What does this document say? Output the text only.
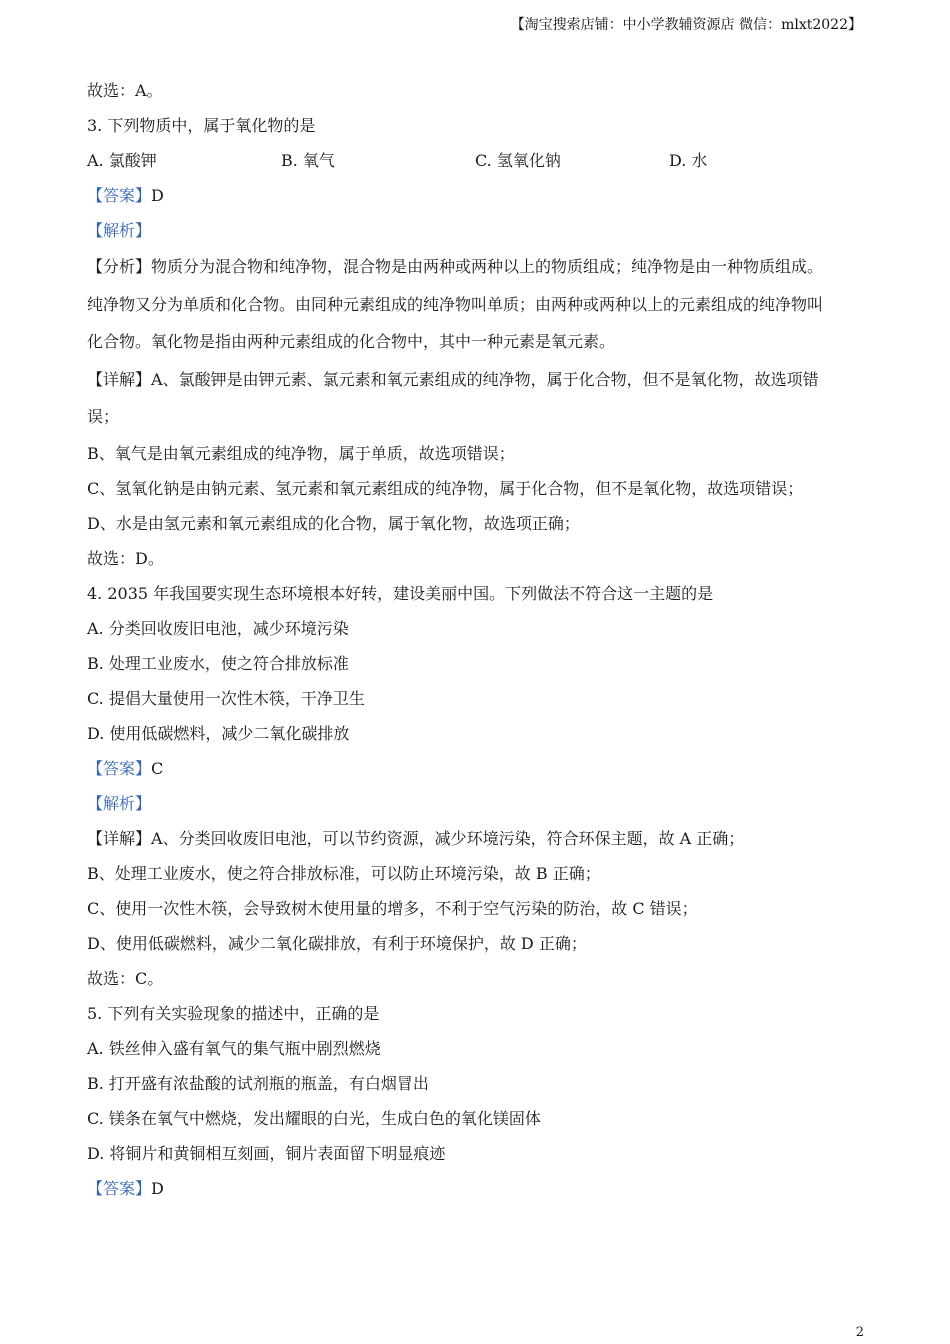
【淘宝搜索店铺：中小学教辅资源店 微信：mlxt2022】
故选：A。
3. 下列物质中，属于氧化物的是
A. 氯酸钾	B. 氧气	C. 氢氧化钠	D. 水
【答案】D
【解析】
【分析】物质分为混合物和纯净物，混合物是由两种或两种以上的物质组成；纯净物是由一种物质组成。
纯净物又分为单质和化合物。由同种元素组成的纯净物叫单质；由两种或两种以上的元素组成的纯净物叫
化合物。氧化物是指由两种元素组成的化合物中，其中一种元素是氧元素。
【详解】A、氯酸钾是由钾元素、氯元素和氧元素组成的纯净物，属于化合物，但不是氧化物，故选项错
误；
B、氧气是由氧元素组成的纯净物，属于单质，故选项错误；
C、氢氧化钠是由钠元素、氢元素和氧元素组成的纯净物，属于化合物，但不是氧化物，故选项错误；
D、水是由氢元素和氧元素组成的化合物，属于氧化物，故选项正确；
故选：D。
4. 2035 年我国要实现生态环境根本好转，建设美丽中国。下列做法不符合这一主题的是
A. 分类回收废旧电池，减少环境污染
B. 处理工业废水，使之符合排放标准
C. 提倡大量使用一次性木筷，干净卫生
D. 使用低碳燃料，减少二氧化碳排放
【答案】C
【解析】
【详解】A、分类回收废旧电池，可以节约资源，减少环境污染，符合环保主题，故 A 正确；
B、处理工业废水，使之符合排放标准，可以防止环境污染，故 B 正确；
C、使用一次性木筷，会导致树木使用量的增多，不利于空气污染的防治，故 C 错误；
D、使用低碳燃料，减少二氧化碳排放，有利于环境保护，故 D 正确；
故选：C。
5. 下列有关实验现象的描述中，正确的是
A. 铁丝伸入盛有氧气的集气瓶中剧烈燃烧
B. 打开盛有浓盐酸的试剂瓶的瓶盖，有白烟冒出
C. 镁条在氧气中燃烧，发出耀眼的白光，生成白色的氧化镁固体
D. 将铜片和黄铜相互刻画，铜片表面留下明显痕迹
【答案】D
2
